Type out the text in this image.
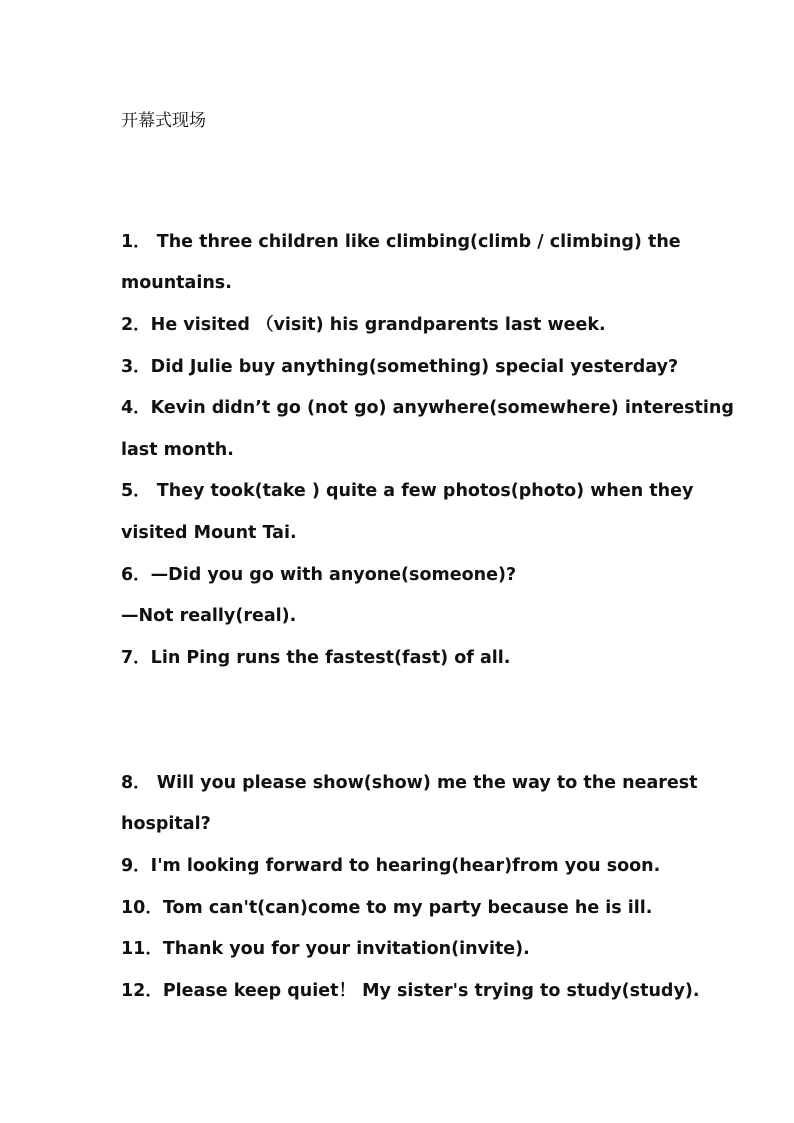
开幕式现场
1． The three children like climbing(climb / climbing) the
mountains.
2．He visited （visit) his grandparents last week.
3．Did Julie buy anything(something) special yesterday?
4．Kevin didn’t go (not go) anywhere(somewhere) interesting
last month.
5． They took(take ) quite a few photos(photo) when they
visited Mount Tai.
6．—Did you go with anyone(someone)?
—Not really(real).
7．Lin Ping runs the fastest(fast) of all.
8． Will you please show(show) me the way to the nearest
hospital?
9．I'm looking forward to hearing(hear)from you soon.
10．Tom can't(can)come to my party because he is ill.
11．Thank you for your invitation(invite).
12．Please keep quiet！ My sister's trying to study(study).
